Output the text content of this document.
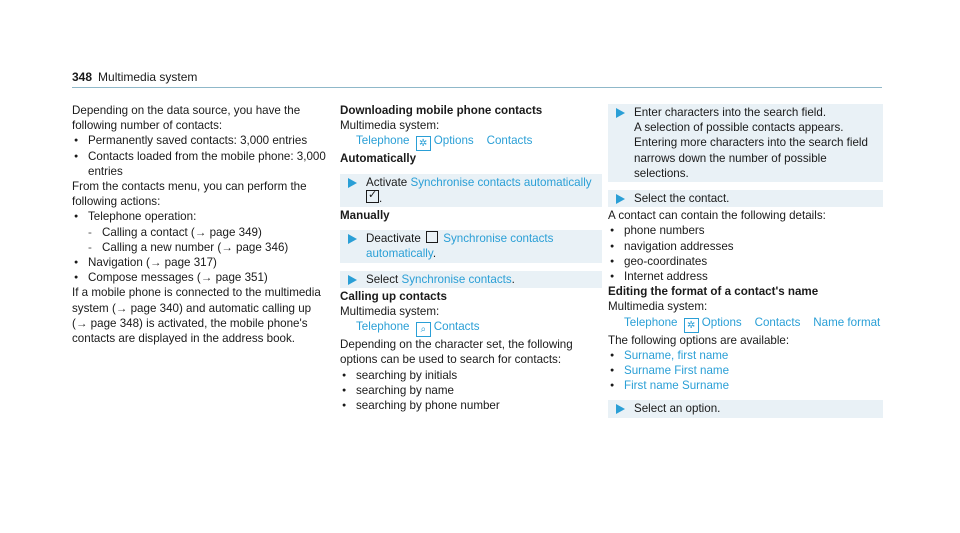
348 Multimedia system

Depending on the data source, you have the following number of contacts:

● Permanently saved contacts: 3,000 entries

● Contacts loaded from the mobile phone: 3,000 entries

From the contacts menu, you can perform the following actions:

● Telephone operation:

- Calling a contact (→ page 349)

- Calling a new number (→ page 346)

● Navigation (→ page 317)

● Compose messages (→ page 351)

If a mobile phone is connected to the multimedia system (→ page 340) and automatic calling up (→ page 348) is activated, the mobile phone's contacts are displayed in the address book.

Downloading mobile phone contacts

Multimedia system:

Telephone ✲ Options Contacts

Automatically

Activate Synchronise contacts automatically
✓.

Manually

Deactivate Synchronise contacts automatically.
Select Synchronise contacts.

Calling up contacts

Multimedia system:

Telephone ⌕ Contacts

Depending on the character set, the following options can be used to search for contacts:

● searching by initials

● searching by name

● searching by phone number

Enter characters into the search field.

A selection of possible contacts appears. Entering more characters into the search field narrows down the number of possible selections.

Select the contact.

A contact can contain the following details:

● phone numbers

● navigation addresses

● geo-coordinates

● Internet address

Editing the format of a contact's name

Multimedia system:

Telephone ✲ Options Contacts Name format

The following options are available:

● Surname, first name

● Surname First name

● First name Surname

Select an option.
